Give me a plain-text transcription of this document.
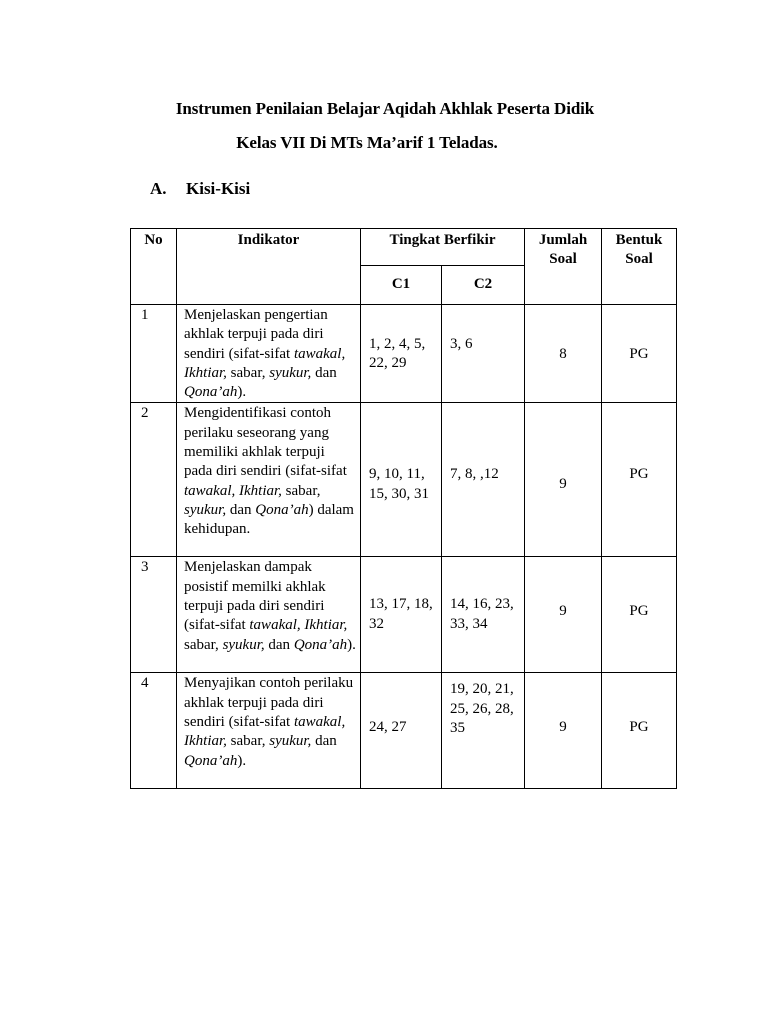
Instrumen Penilaian Belajar Aqidah Akhlak Peserta Didik
Kelas VII Di MTs Ma’arif 1 Teladas.
A. Kisi-Kisi
No	Indikator	Tingkat Berfikir		Jumlah Soal	Bentuk Soal
		C1	C2		
1	Menjelaskan pengertian akhlak terpuji pada diri sendiri (sifat-sifat tawakal, Ikhtiar, sabar, syukur, dan Qona’ah).	1, 2, 4, 5, 22, 29	3, 6	8	PG
2	Mengidentifikasi contoh perilaku seseorang yang memiliki akhlak terpuji pada diri sendiri (sifat-sifat tawakal, Ikhtiar, sabar, syukur, dan Qona’ah) dalam kehidupan.	9, 10, 11, 15, 30, 31	7, 8, ,12	9	PG
3	Menjelaskan dampak posistif memilki akhlak terpuji pada diri sendiri (sifat-sifat tawakal, Ikhtiar, sabar, syukur, dan Qona’ah).	13, 17, 18, 32	14, 16, 23, 33, 34	9	PG
4	Menyajikan contoh perilaku akhlak terpuji pada diri sendiri (sifat-sifat tawakal, Ikhtiar, sabar, syukur, dan Qona’ah).	24, 27	19, 20, 21, 25, 26, 28, 35	9	PG
